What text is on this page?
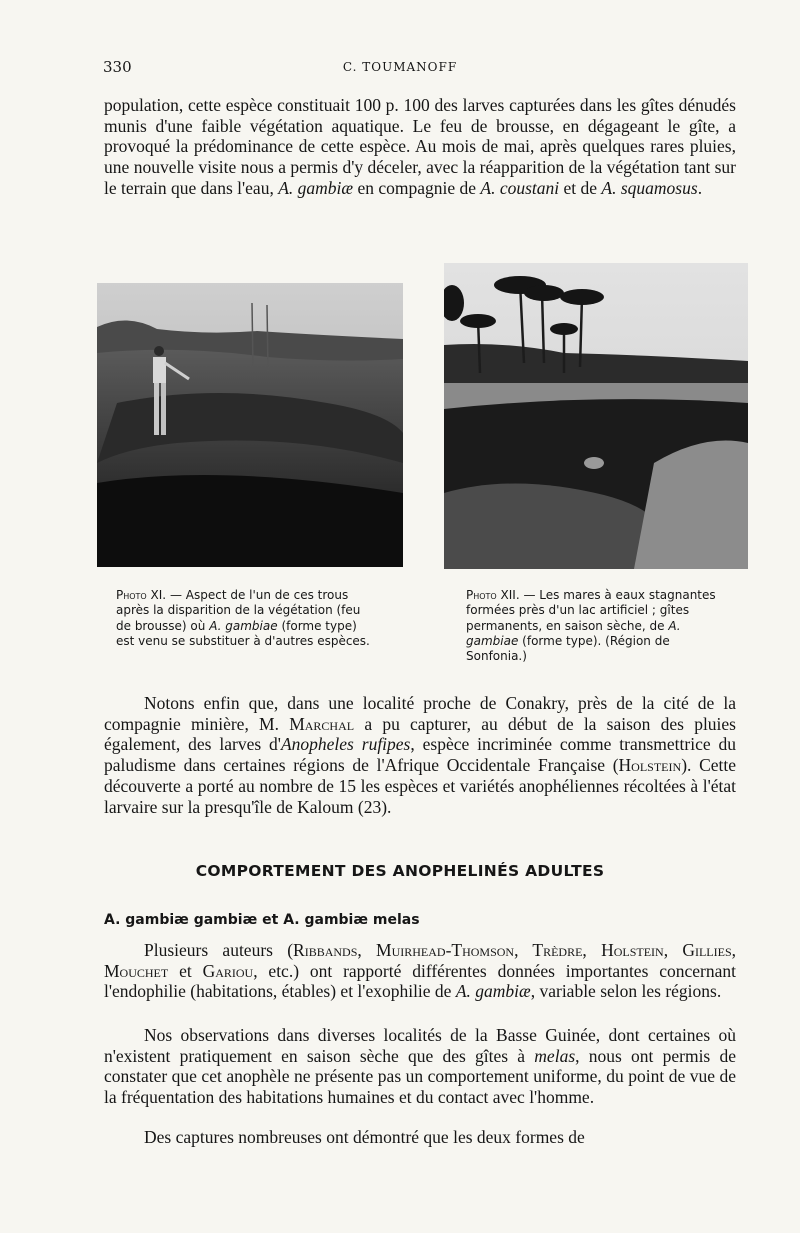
330	C. TOUMANOFF

population, cette espèce constituait 100 p. 100 des larves capturées dans les gîtes dénudés munis d'une faible végétation aquatique. Le feu de brousse, en dégageant le gîte, a provoqué la prédominance de cette espèce. Au mois de mai, après quelques rares pluies, une nouvelle visite nous a permis d'y déceler, avec la réapparition de la végétation tant sur le terrain que dans l'eau, A. gambiæ en compagnie de A. coustani et de A. squamosus.

Photo XI. — Aspect de l'un de ces trous après la disparition de la végétation (feu de brousse) où A. gambiae (forme type) est venu se substituer à d'autres espèces.

Photo XII. — Les mares à eaux stagnantes formées près d'un lac artificiel ; gîtes permanents, en saison sèche, de A. gambiae (forme type). (Région de Sonfonia.)

Notons enfin que, dans une localité proche de Conakry, près de la cité de la compagnie minière, M. Marchal a pu capturer, au début de la saison des pluies également, des larves d'Anopheles rufipes, espèce incriminée comme transmettrice du paludisme dans certaines régions de l'Afrique Occidentale Française (Holstein). Cette découverte a porté au nombre de 15 les espèces et variétés anophéliennes récoltées à l'état larvaire sur la presqu'île de Kaloum (23).

COMPORTEMENT DES ANOPHELINÉS ADULTES
A. gambiæ gambiæ et A. gambiæ melas

Plusieurs auteurs (Ribbands, Muirhead-Thomson, Trèdre, Holstein, Gillies, Mouchet et Gariou, etc.) ont rapporté différentes données importantes concernant l'endophilie (habitations, étables) et l'exophilie de A. gambiæ, variable selon les régions.

Nos observations dans diverses localités de la Basse Guinée, dont certaines où n'existent pratiquement en saison sèche que des gîtes à melas, nous ont permis de constater que cet anophèle ne présente pas un comportement uniforme, du point de vue de la fréquentation des habitations humaines et du contact avec l'homme.

Des captures nombreuses ont démontré que les deux formes de
